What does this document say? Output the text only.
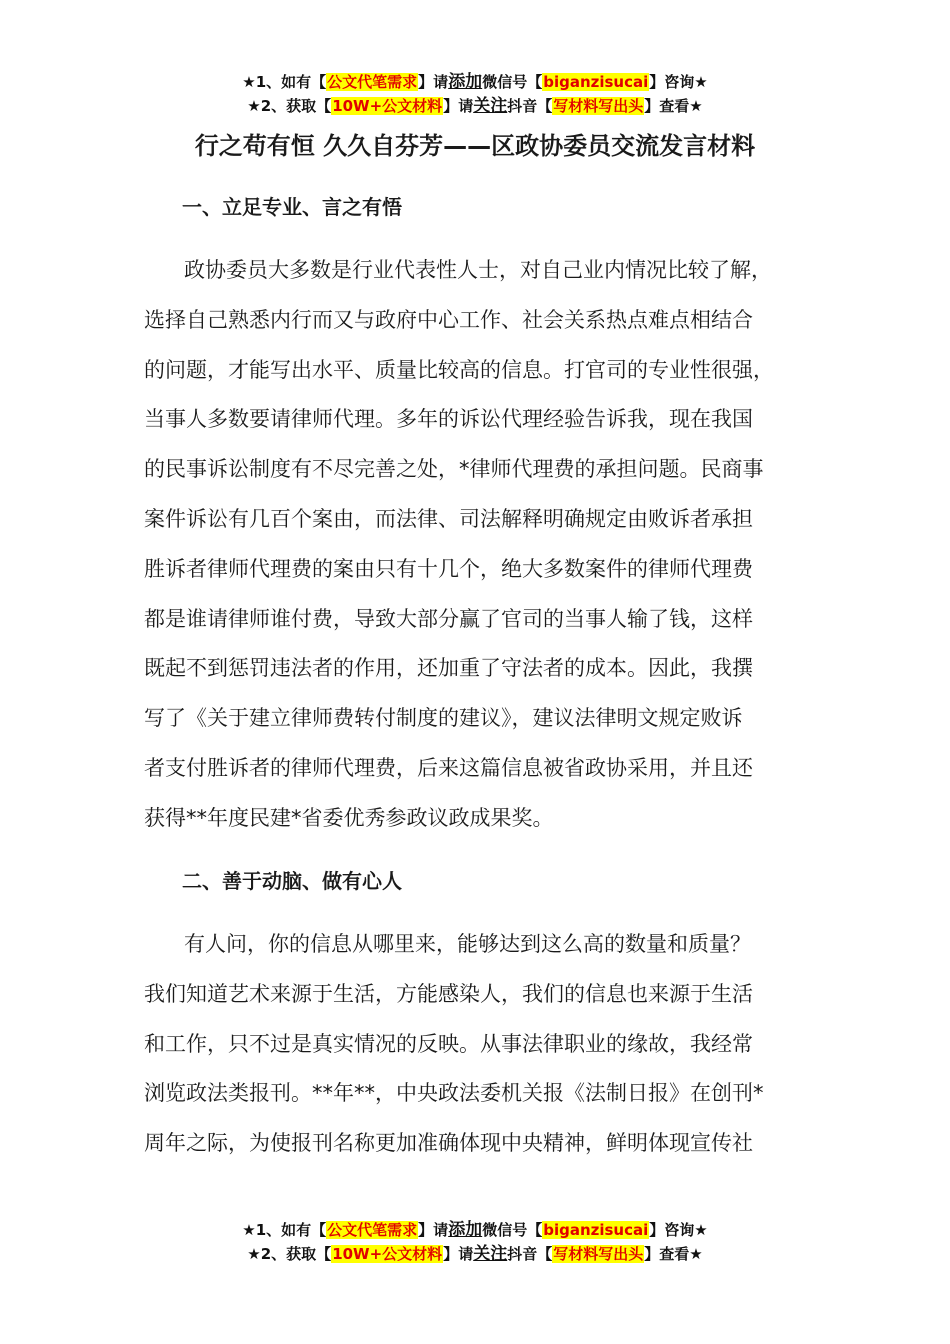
★1、如有【公文代笔需求】请添加微信号【biganzisucai】咨询★
★2、获取【10W+公文材料】请关注抖音【写材料写出头】查看★
行之苟有恒 久久自芬芳——区政协委员交流发言材料
一、立足专业、言之有悟
政协委员大多数是行业代表性人士，对自己业内情况比较了解，
选择自己熟悉内行而又与政府中心工作、社会关系热点难点相结合
的问题，才能写出水平、质量比较高的信息。打官司的专业性很强，
当事人多数要请律师代理。多年的诉讼代理经验告诉我，现在我国
的民事诉讼制度有不尽完善之处，*律师代理费的承担问题。民商事
案件诉讼有几百个案由，而法律、司法解释明确规定由败诉者承担
胜诉者律师代理费的案由只有十几个，绝大多数案件的律师代理费
都是谁请律师谁付费，导致大部分赢了官司的当事人输了钱，这样
既起不到惩罚违法者的作用，还加重了守法者的成本。因此，我撰
写了《关于建立律师费转付制度的建议》，建议法律明文规定败诉
者支付胜诉者的律师代理费，后来这篇信息被省政协采用，并且还
获得**年度民建*省委优秀参政议政成果奖。
二、善于动脑、做有心人
有人问，你的信息从哪里来，能够达到这么高的数量和质量？
我们知道艺术来源于生活，方能感染人，我们的信息也来源于生活
和工作，只不过是真实情况的反映。从事法律职业的缘故，我经常
浏览政法类报刊。**年**，中央政法委机关报《法制日报》在创刊*
周年之际，为使报刊名称更加准确体现中央精神，鲜明体现宣传社
★1、如有【公文代笔需求】请添加微信号【biganzisucai】咨询★
★2、获取【10W+公文材料】请关注抖音【写材料写出头】查看★
